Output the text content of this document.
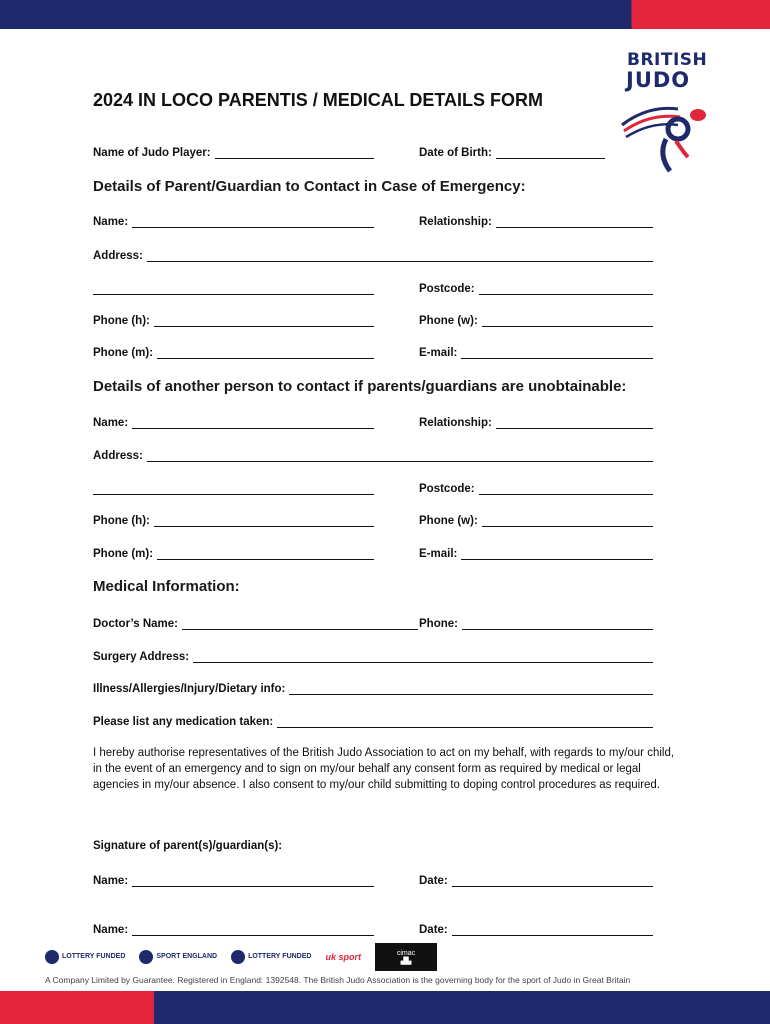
BRITISH
JUDO
2024 IN LOCO PARENTIS / MEDICAL DETAILS FORM
Name of Judo Player:	Date of Birth:
Details of Parent/Guardian to Contact in Case of Emergency:
Name:	Relationship:
Address:
Postcode:
Phone (h):	Phone (w):
Phone (m):	E-mail:
Details of another person to contact if parents/guardians are unobtainable:
Name:	Relationship:
Address:
Postcode:
Phone (h):	Phone (w):
Phone (m):	E-mail:
Medical Information:
Doctor’s Name:	Phone:
Surgery Address:
Illness/Allergies/Injury/Dietary info:
Please list any medication taken:
I hereby authorise representatives of the British Judo Association to act on my behalf, with regards to my/our child, in the event of an emergency and to sign on my/our behalf any consent form as required by medical or legal agencies in my/our absence. I also consent to my/our child submitting to doping control procedures as required.
Signature of parent(s)/guardian(s):
Name:	Date:
Name:	Date:
LOTTERY FUNDED	SPORT ENGLAND	LOTTERY FUNDED uk sport	cimac
▟▙
A Company Limited by Guarantee. Registered in England: 1392548. The British Judo Association is the governing body for the sport of Judo in Great Britain
